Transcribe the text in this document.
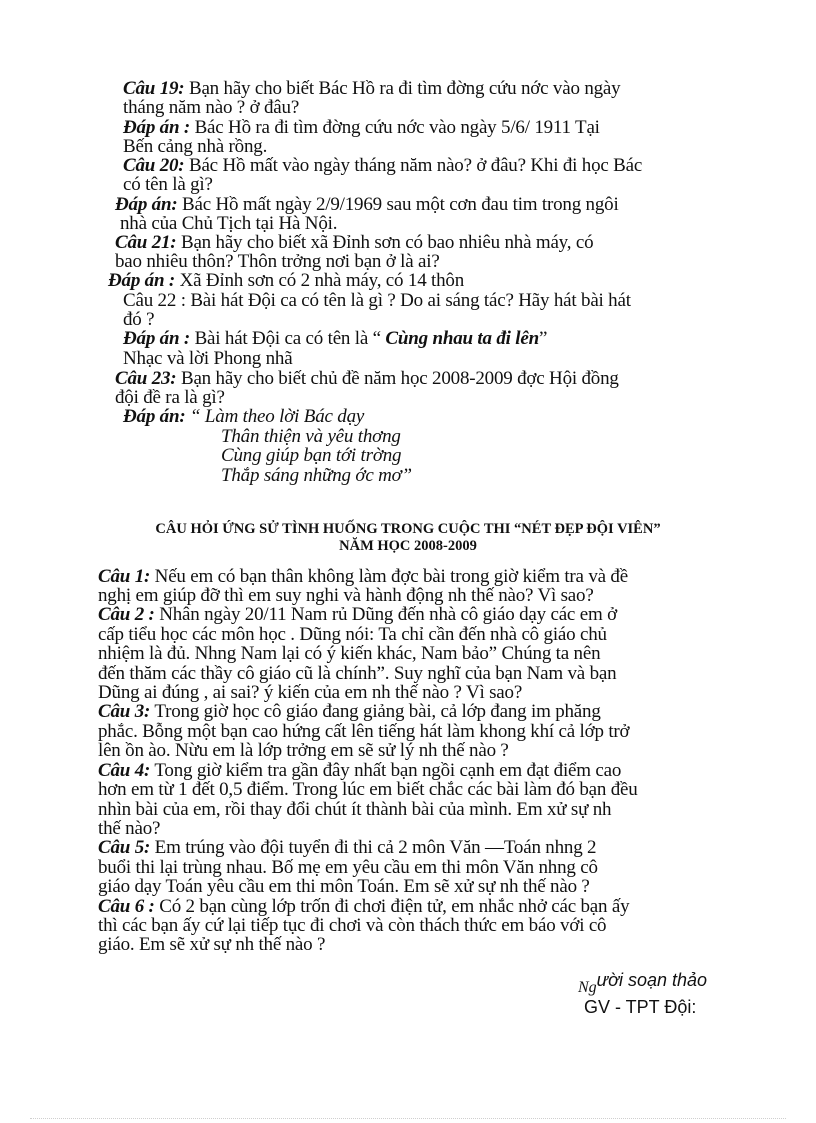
Câu 19: Bạn hãy cho biết Bác Hồ ra đi tìm đờng cứu nớc vào ngày
tháng năm nào ? ở đâu?
Đáp án : Bác Hồ ra đi tìm đờng cứu nớc vào ngày 5/6/ 1911 Tại
Bến cảng nhà rồng.
Câu 20: Bác Hồ mất vào ngày tháng năm nào? ở đâu? Khi đi học Bác
có tên là gì?
Đáp án: Bác Hồ mất ngày 2/9/1969 sau một cơn đau tim trong ngôi
nhà của Chủ Tịch tại Hà Nội.
Câu 21: Bạn hãy cho biết xã Đỉnh sơn có bao nhiêu nhà máy, có
bao nhiêu thôn? Thôn trởng nơi bạn ở là ai?
Đáp án : Xã Đỉnh sơn có 2 nhà máy, có 14 thôn
Câu 22 : Bài hát Đội ca có tên là gì ? Do ai sáng tác? Hãy hát bài hát
đó ?
Đáp án : Bài hát Đội ca có tên là “ Cùng nhau ta đi lên”
Nhạc và lời Phong nhã
Câu 23: Bạn hãy cho biết chủ đề năm học 2008-2009 đợc Hội đồng
đội đề ra là gì?
Đáp án: “ Làm theo lời Bác dạy
Thân thiện và yêu thơng
Cùng giúp bạn tới trờng
Thắp sáng những ớc mơ”
CÂU HỎI ỨNG SỬ TÌNH HUỐNG TRONG CUỘC THI “NÉT ĐẸP ĐỘI VIÊN”
NĂM HỌC 2008-2009
Câu 1: Nếu em có bạn thân không làm đợc bài trong giờ kiểm tra và đề
nghị em giúp đỡ thì em suy nghi và hành động nh thế nào? Vì sao?
Câu 2 : Nhân ngày 20/11 Nam rủ Dũng đến nhà cô giáo dạy các em ở
cấp tiểu học các môn học . Dũng nói: Ta chỉ cần đến nhà cô giáo chủ
nhiệm là đủ. Nhng Nam lại có ý kiến khác, Nam bảo” Chúng ta nên
đến thăm các thầy cô giáo cũ là chính”. Suy nghĩ của bạn Nam và bạn
Dũng ai đúng , ai sai? ý kiến của em nh thế nào ? Vì sao?
Câu 3: Trong giờ học cô giáo đang giảng bài, cả lớp đang im phăng
phắc. Bỗng một bạn cao hứng cất lên tiếng hát làm khong khí cả lớp trở
lên ồn ào. Nừu em là lớp trởng em sẽ sử lý nh thế nào ?
Câu 4: Tong giờ kiểm tra gần đây nhất bạn ngồi cạnh em đạt điểm cao
hơn em từ 1 đết 0,5 điểm. Trong lúc em biết chắc các bài làm đó bạn đều
nhìn bài của em, rồi thay đổi chút ít thành bài của mình. Em xử sự nh
thế nào?
Câu 5: Em trúng vào đội tuyển đi thi cả 2 môn Văn —Toán nhng 2
buổi thi lại trùng nhau. Bố mẹ em yêu cầu em thi môn Văn nhng cô
giáo dạy Toán yêu cầu em thi môn Toán. Em sẽ xử sự nh thế nào ?
Câu 6 : Có 2 bạn cùng lớp trốn đi chơi điện tử, em nhắc nhở các bạn ấy
thì các bạn ấy cứ lại tiếp tục đi chơi và còn thách thức em báo với cô
giáo. Em sẽ xử sự nh thế nào ?
Người soạn thảo
GV - TPT Đội:
